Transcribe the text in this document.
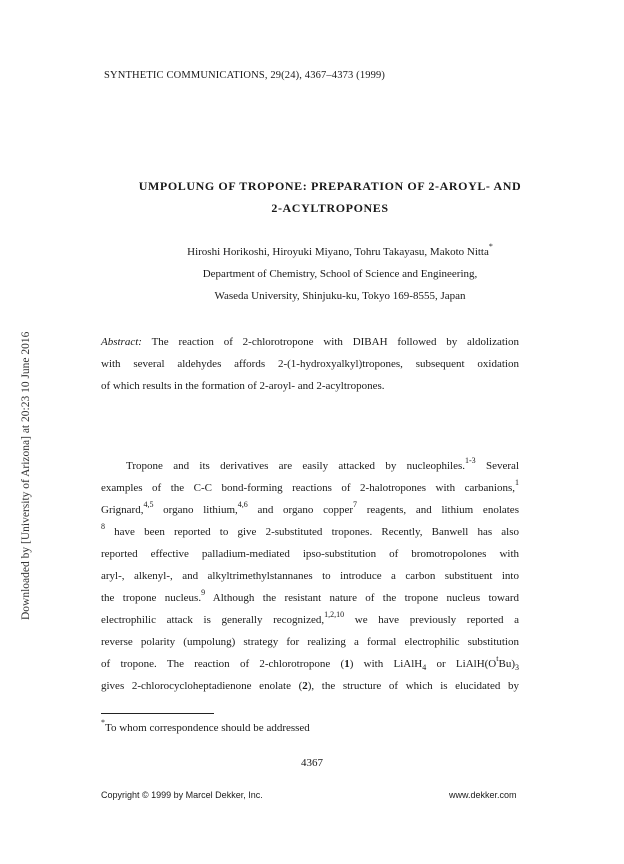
Downloaded by [University of Arizona] at 20:23 10 June 2016
SYNTHETIC COMMUNICATIONS, 29(24), 4367–4373 (1999)
UMPOLUNG OF TROPONE: PREPARATION OF 2-AROYL- AND
2-ACYLTROPONES
Hiroshi Horikoshi, Hiroyuki Miyano, Tohru Takayasu, Makoto Nitta*
Department of Chemistry, School of Science and Engineering,
Waseda University, Shinjuku-ku, Tokyo 169-8555, Japan
Abstract: The reaction of 2-chlorotropone with DIBAH followed by aldolization
with several aldehydes affords 2-(1-hydroxyalkyl)tropones, subsequent oxidation
of which results in the formation of 2-aroyl- and 2-acyltropones.
Tropone and its derivatives are easily attacked by nucleophiles.$^{1-3}$ Several
examples of the C-C bond-forming reactions of 2-halotropones with carbanions,$^1$
Grignard,$^{4,5}$ organo lithium,$^{4,6}$ and organo copper$^7$ reagents, and lithium enolates
$^8$ have been reported to give 2-substituted tropones. Recently, Banwell has also
reported effective palladium-mediated ipso-substitution of bromotropolones with
aryl-, alkenyl-, and alkyltrimethylstannanes to introduce a carbon substituent into
the tropone nucleus.$^9$ Although the resistant nature of the tropone nucleus toward
electrophilic attack is generally recognized,$^{1,2,10}$ we have previously reported a
reverse polarity (umpolung) strategy for realizing a formal electrophilic substitution
of tropone. The reaction of 2-chlorotropone (1) with LiAlH$_4$ or $LiAlH(O^tBu)_3$
gives 2-chlorocycloheptadienone enolate (2), the structure of which is elucidated by
*To whom correspondence should be addressed
4367
Copyright © 1999 by Marcel Dekker, Inc.	www.dekker.com
